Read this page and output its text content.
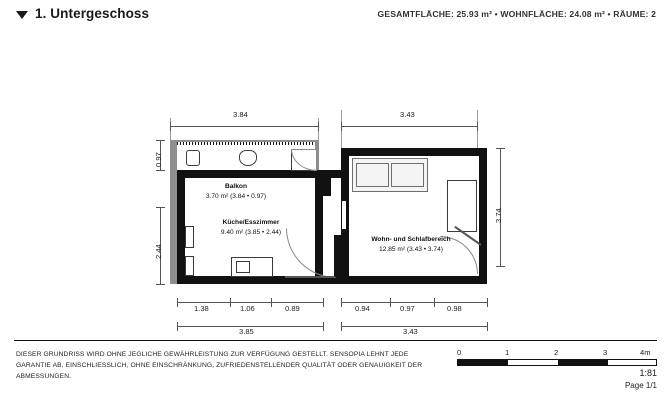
1. Untergeschoss	GESAMTFLÄCHE: 25.93 m² • WOHNFLÄCHE: 24.08 m² • RÄUME: 2
3.84	3.43
0.97
2.44
3.74
Balkon
3.70 m² (3.84 • 0.97)
Küche/Esszimmer
9.40 m² (3.85 • 2.44)
Wohn- und Schlafbereich
12.85 m² (3.43 • 3.74)
1.38	1.06	0.89	0.94	0.97	0.98
3.85	3.43
DIESER GRUNDRISS WIRD OHNE JEGLICHE GEWÄHRLEISTUNG ZUR VERFÜGUNG GESTELLT. SENSOPIA LEHNT JEDE GARANTIE AB, EINSCHLIESSLICH, OHNE EINSCHRÄNKUNG, ZUFRIEDENSTELLENDER QUALITÄT ODER GENAUIGKEIT DER ABMESSUNGEN.
0	1	2	3	4m
1:81
Page 1/1
